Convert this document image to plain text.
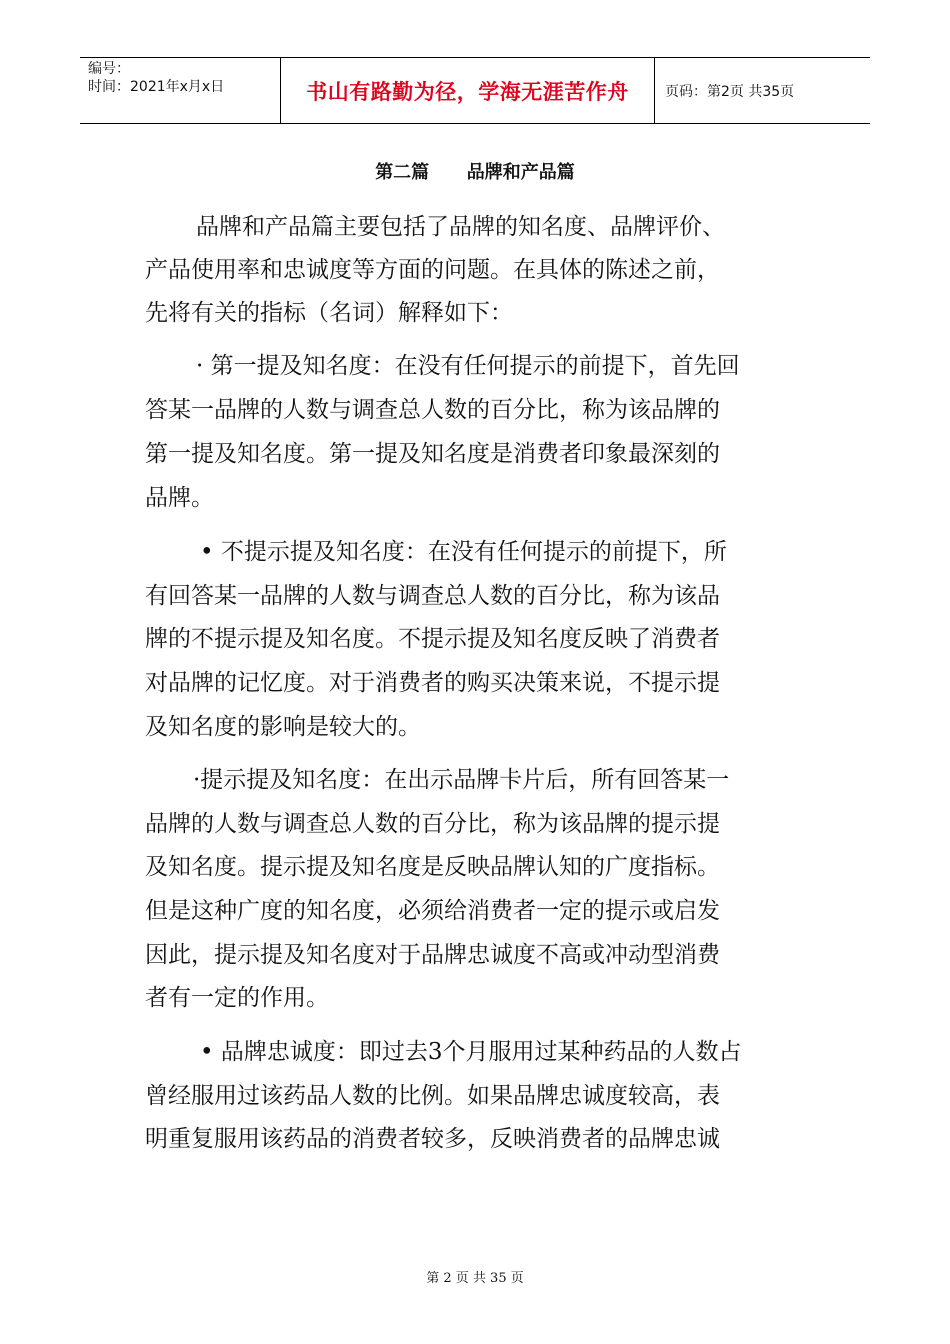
编号：
时间：2021年x月x日	书山有路勤为径，学海无涯苦作舟	页码：第2页 共35页
第二篇      品牌和产品篇
品牌和产品篇主要包括了品牌的知名度、品牌评价、
产品使用率和忠诚度等方面的问题。在具体的陈述之前，
先将有关的指标（名词）解释如下：
· 第一提及知名度：在没有任何提示的前提下，首先回
答某一品牌的人数与调查总人数的百分比，称为该品牌的
第一提及知名度。第一提及知名度是消费者印象最深刻的
品牌。
• 不提示提及知名度：在没有任何提示的前提下，所
有回答某一品牌的人数与调查总人数的百分比，称为该品
牌的不提示提及知名度。不提示提及知名度反映了消费者
对品牌的记忆度。对于消费者的购买决策来说，不提示提
及知名度的影响是较大的。
·提示提及知名度：在出示品牌卡片后，所有回答某一
品牌的人数与调查总人数的百分比，称为该品牌的提示提
及知名度。提示提及知名度是反映品牌认知的广度指标。
但是这种广度的知名度，必须给消费者一定的提示或启发
因此，提示提及知名度对于品牌忠诚度不高或冲动型消费
者有一定的作用。
• 品牌忠诚度：即过去3个月服用过某种药品的人数占
曾经服用过该药品人数的比例。如果品牌忠诚度较高，表
明重复服用该药品的消费者较多，反映消费者的品牌忠诚
第 2 页 共 35 页
